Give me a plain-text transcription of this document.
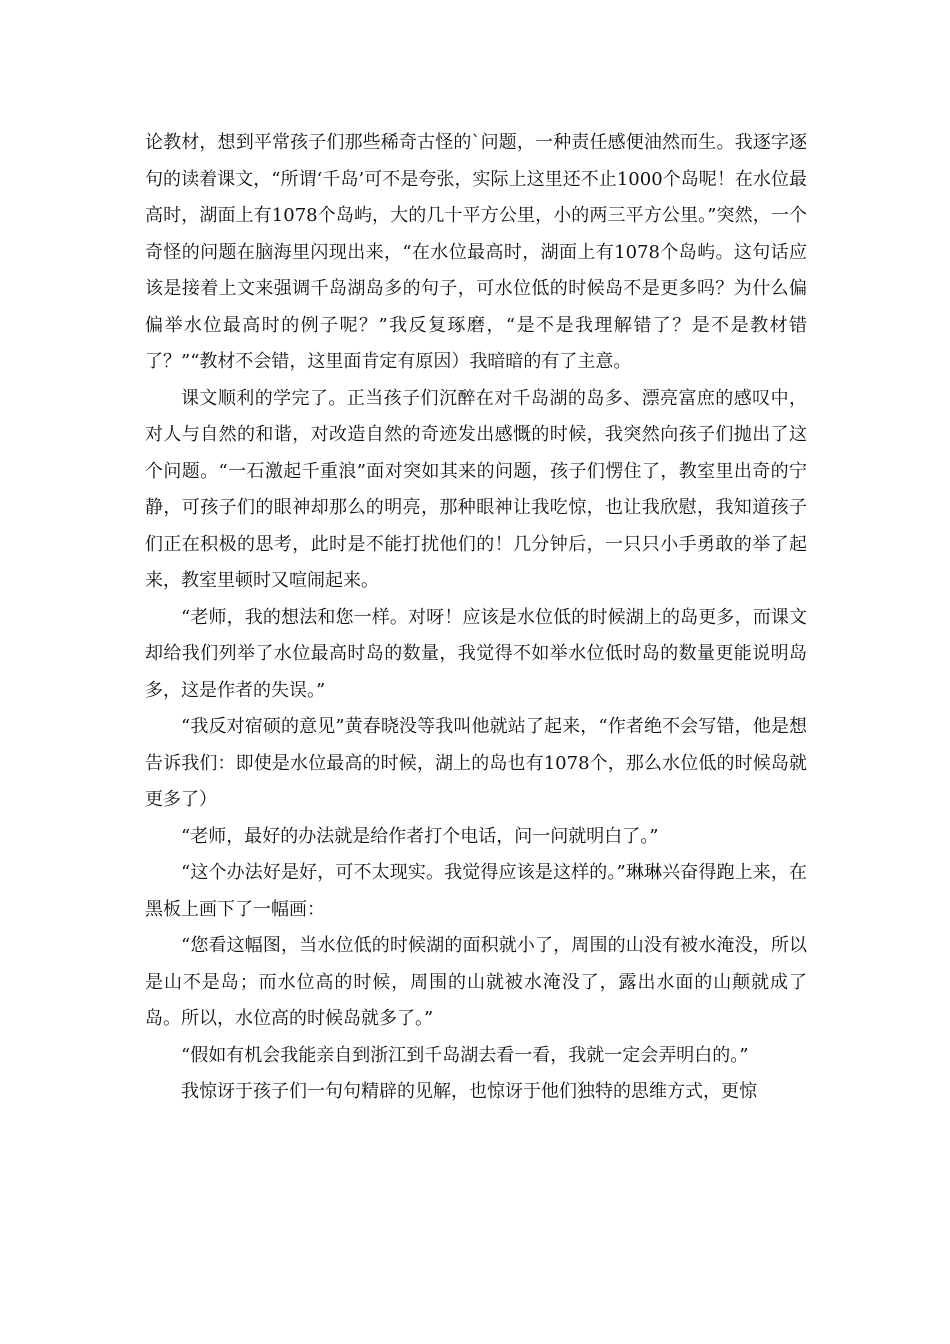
论教材，想到平常孩子们那些稀奇古怪的`问题，一种责任感便油然而生。我逐字逐句的读着课文，“所谓‘千岛’可不是夸张，实际上这里还不止1000个岛呢！在水位最高时，湖面上有1078个岛屿，大的几十平方公里，小的两三平方公里。”突然，一个奇怪的问题在脑海里闪现出来，“在水位最高时，湖面上有1078个岛屿。这句话应该是接着上文来强调千岛湖岛多的句子，可水位低的时候岛不是更多吗？为什么偏偏举水位最高时的例子呢？”我反复琢磨，“是不是我理解错了？是不是教材错了？”“教材不会错，这里面肯定有原因）我暗暗的有了主意。

课文顺利的学完了。正当孩子们沉醉在对千岛湖的岛多、漂亮富庶的感叹中，对人与自然的和谐，对改造自然的奇迹发出感慨的时候，我突然向孩子们抛出了这个问题。“一石激起千重浪”面对突如其来的问题，孩子们愣住了，教室里出奇的宁静，可孩子们的眼神却那么的明亮，那种眼神让我吃惊，也让我欣慰，我知道孩子们正在积极的思考，此时是不能打扰他们的！几分钟后，一只只小手勇敢的举了起来，教室里顿时又喧闹起来。

“老师，我的想法和您一样。对呀！应该是水位低的时候湖上的岛更多，而课文却给我们列举了水位最高时岛的数量，我觉得不如举水位低时岛的数量更能说明岛多，这是作者的失误。”

“我反对宿硕的意见”黄春晓没等我叫他就站了起来，“作者绝不会写错，他是想告诉我们：即使是水位最高的时候，湖上的岛也有1078个，那么水位低的时候岛就更多了）

“老师，最好的办法就是给作者打个电话，问一问就明白了。”

“这个办法好是好，可不太现实。我觉得应该是这样的。”琳琳兴奋得跑上来，在黑板上画下了一幅画：

“您看这幅图，当水位低的时候湖的面积就小了，周围的山没有被水淹没，所以是山不是岛；而水位高的时候，周围的山就被水淹没了，露出水面的山颠就成了岛。所以，水位高的时候岛就多了。”

“假如有机会我能亲自到浙江到千岛湖去看一看，我就一定会弄明白的。”

我惊讶于孩子们一句句精辟的见解，也惊讶于他们独特的思维方式，更惊
